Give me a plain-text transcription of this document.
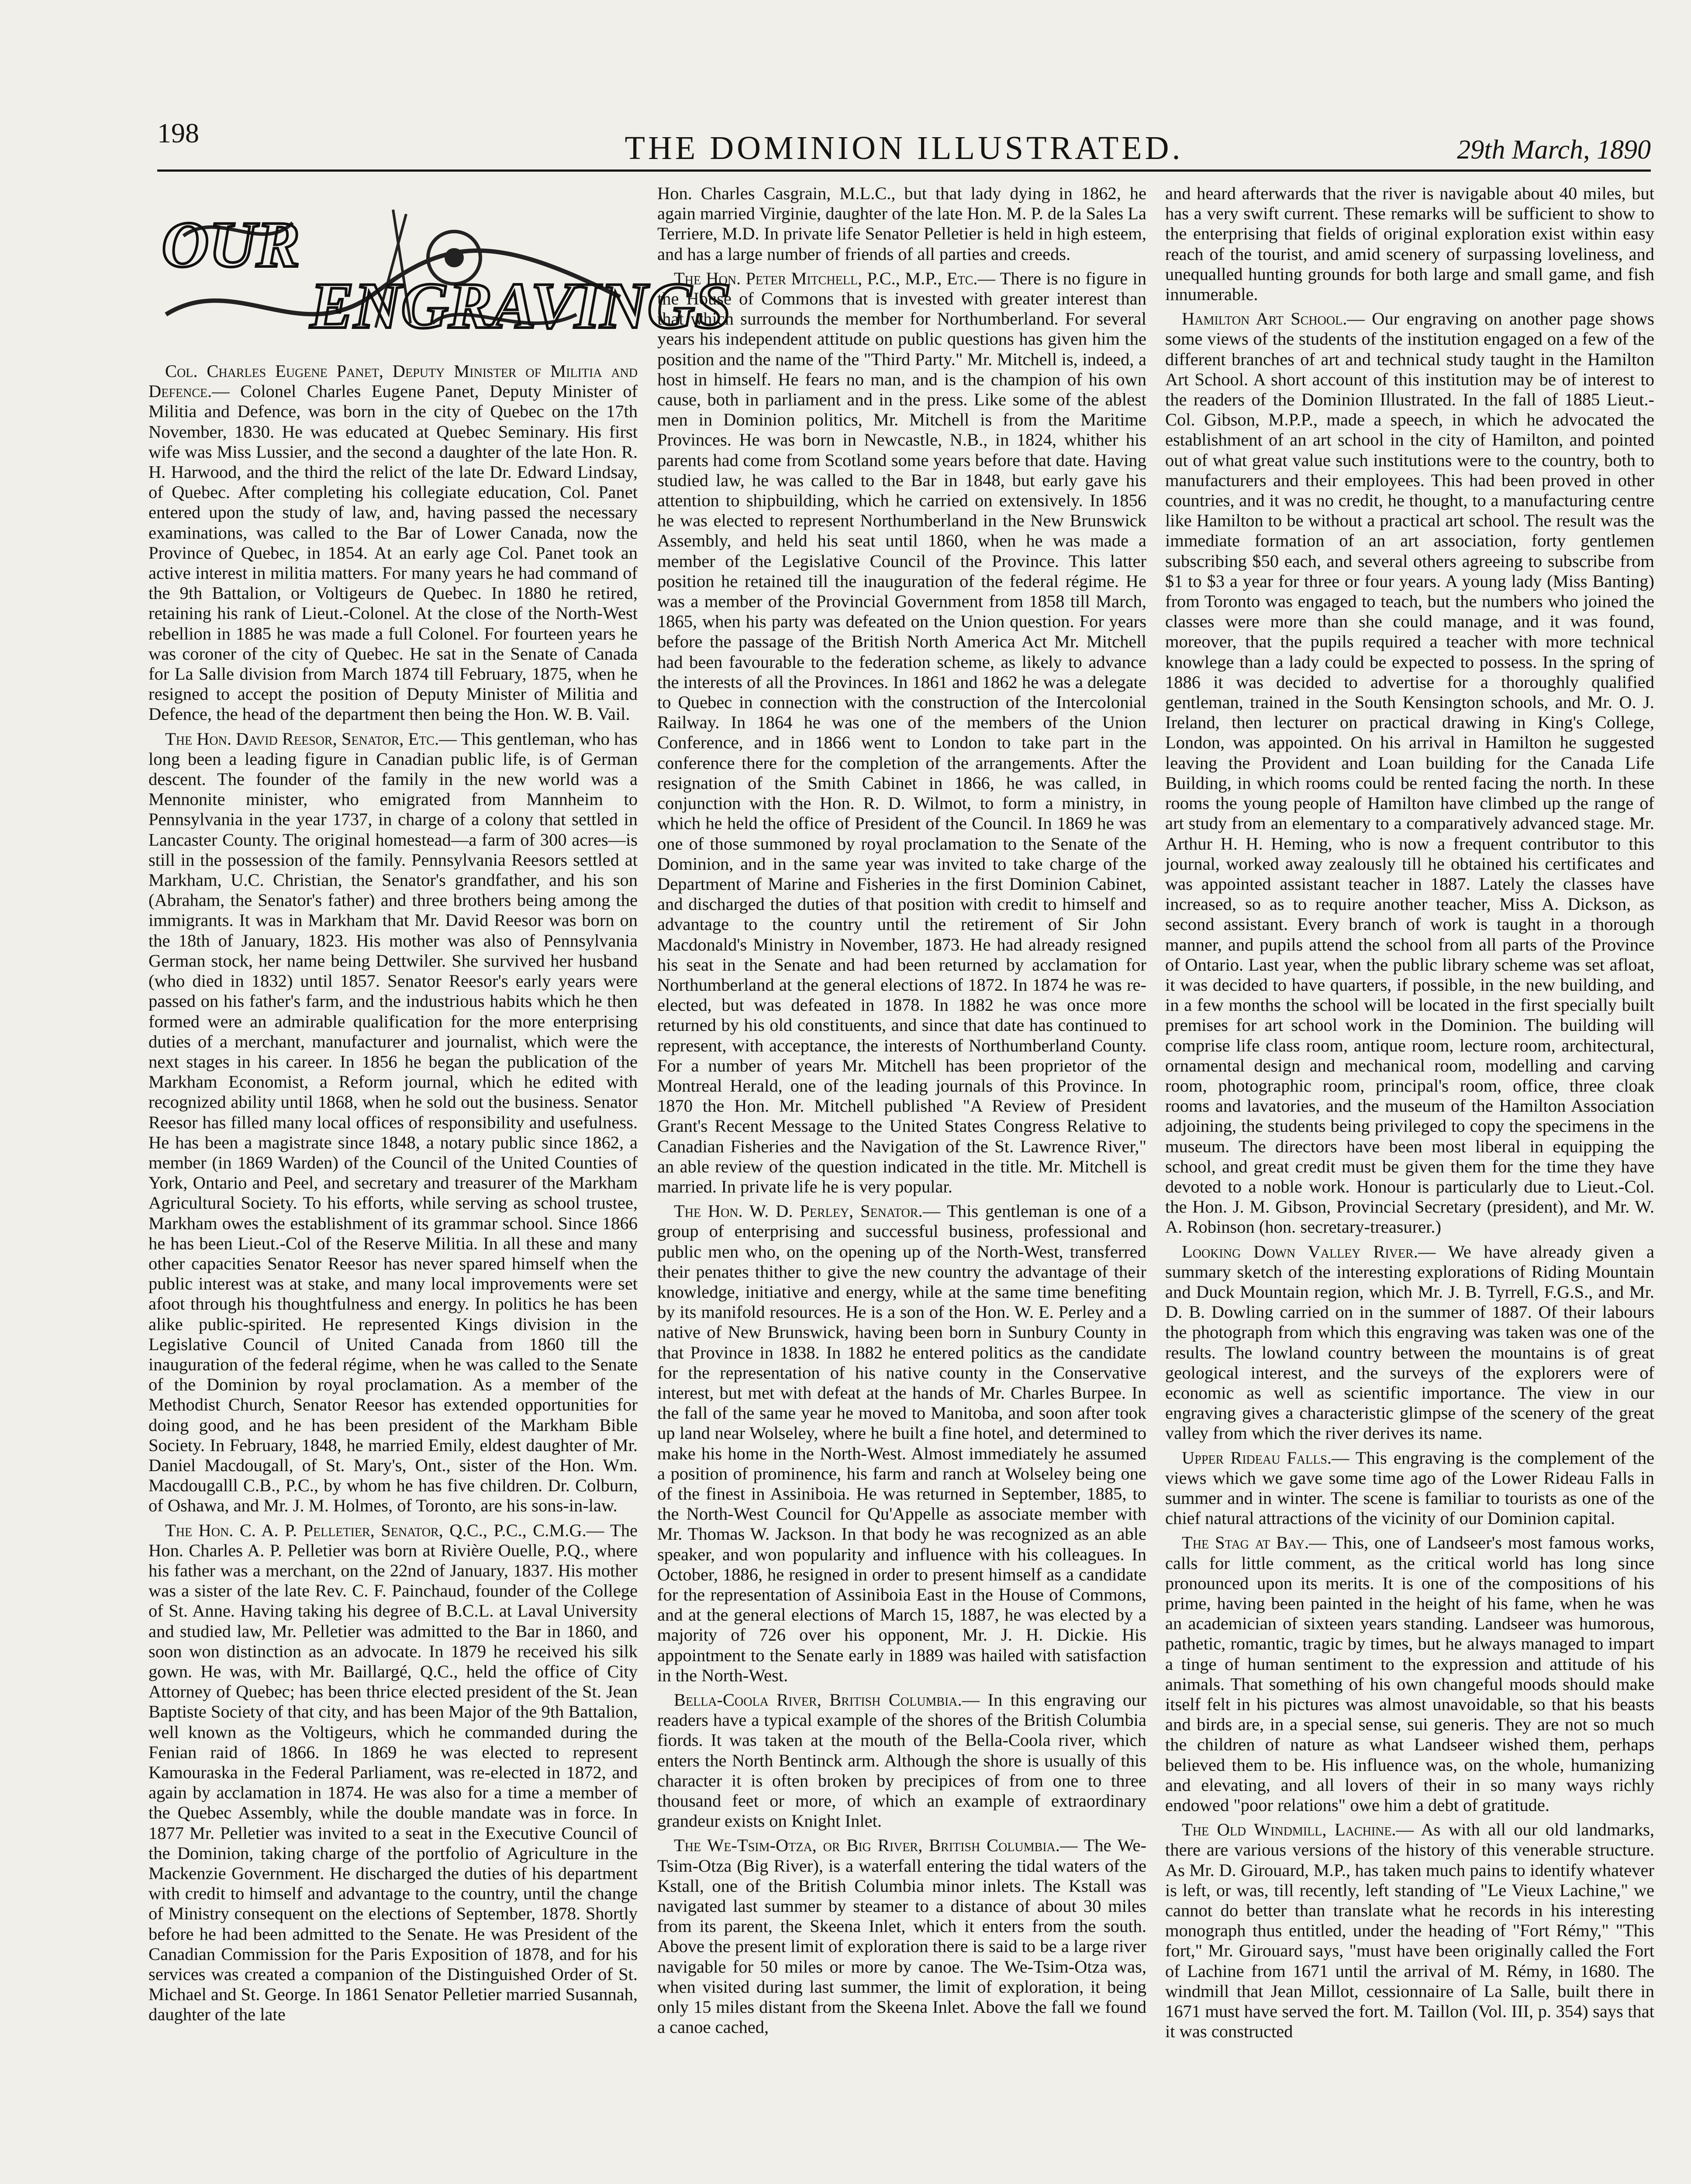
198	THE DOMINION ILLUSTRATED.	29th March, 1890
OUR
ENGRAVINGS

Col. Charles Eugene Panet, Deputy Minister of Militia and Defence.— Colonel Charles Eugene Panet, Deputy Minister of Militia and Defence, was born in the city of Quebec on the 17th November, 1830. He was educated at Quebec Seminary. His first wife was Miss Lussier, and the second a daughter of the late Hon. R. H. Harwood, and the third the relict of the late Dr. Edward Lindsay, of Quebec. After completing his collegiate education, Col. Panet entered upon the study of law, and, having passed the necessary examinations, was called to the Bar of Lower Canada, now the Province of Quebec, in 1854. At an early age Col. Panet took an active interest in militia matters. For many years he had command of the 9th Battalion, or Voltigeurs de Quebec. In 1880 he retired, retaining his rank of Lieut.-Colonel. At the close of the North-West rebellion in 1885 he was made a full Colonel. For fourteen years he was coroner of the city of Quebec. He sat in the Senate of Canada for La Salle division from March 1874 till February, 1875, when he resigned to accept the position of Deputy Minister of Militia and Defence, the head of the department then being the Hon. W. B. Vail.

The Hon. David Reesor, Senator, Etc.— This gentleman, who has long been a leading figure in Canadian public life, is of German descent. The founder of the family in the new world was a Mennonite minister, who emigrated from Mannheim to Pennsylvania in the year 1737, in charge of a colony that settled in Lancaster County. The original homestead—a farm of 300 acres—is still in the possession of the family. Pennsylvania Reesors settled at Markham, U.C. Christian, the Senator's grandfather, and his son (Abraham, the Senator's father) and three brothers being among the immigrants. It was in Markham that Mr. David Reesor was born on the 18th of January, 1823. His mother was also of Pennsylvania German stock, her name being Dettwiler. She survived her husband (who died in 1832) until 1857. Senator Reesor's early years were passed on his father's farm, and the industrious habits which he then formed were an admirable qualification for the more enterprising duties of a merchant, manufacturer and journalist, which were the next stages in his career. In 1856 he began the publication of the Markham Economist, a Reform journal, which he edited with recognized ability until 1868, when he sold out the business. Senator Reesor has filled many local offices of responsibility and usefulness. He has been a magistrate since 1848, a notary public since 1862, a member (in 1869 Warden) of the Council of the United Counties of York, Ontario and Peel, and secretary and treasurer of the Markham Agricultural Society. To his efforts, while serving as school trustee, Markham owes the establishment of its grammar school. Since 1866 he has been Lieut.-Col of the Reserve Militia. In all these and many other capacities Senator Reesor has never spared himself when the public interest was at stake, and many local improvements were set afoot through his thoughtfulness and energy. In politics he has been alike public-spirited. He represented Kings division in the Legislative Council of United Canada from 1860 till the inauguration of the federal régime, when he was called to the Senate of the Dominion by royal proclamation. As a member of the Methodist Church, Senator Reesor has extended opportunities for doing good, and he has been president of the Markham Bible Society. In February, 1848, he married Emily, eldest daughter of Mr. Daniel Macdougall, of St. Mary's, Ont., sister of the Hon. Wm. Macdougalll C.B., P.C., by whom he has five children. Dr. Colburn, of Oshawa, and Mr. J. M. Holmes, of Toronto, are his sons-in-law.

The Hon. C. A. P. Pelletier, Senator, Q.C., P.C., C.M.G.— The Hon. Charles A. P. Pelletier was born at Rivière Ouelle, P.Q., where his father was a merchant, on the 22nd of January, 1837. His mother was a sister of the late Rev. C. F. Painchaud, founder of the College of St. Anne. Having taking his degree of B.C.L. at Laval University and studied law, Mr. Pelletier was admitted to the Bar in 1860, and soon won distinction as an advocate. In 1879 he received his silk gown. He was, with Mr. Baillargé, Q.C., held the office of City Attorney of Quebec; has been thrice elected president of the St. Jean Baptiste Society of that city, and has been Major of the 9th Battalion, well known as the Voltigeurs, which he commanded during the Fenian raid of 1866. In 1869 he was elected to represent Kamouraska in the Federal Parliament, was re-elected in 1872, and again by acclamation in 1874. He was also for a time a member of the Quebec Assembly, while the double mandate was in force. In 1877 Mr. Pelletier was invited to a seat in the Executive Council of the Dominion, taking charge of the portfolio of Agriculture in the Mackenzie Government. He discharged the duties of his department with credit to himself and advantage to the country, until the change of Ministry consequent on the elections of September, 1878. Shortly before he had been admitted to the Senate. He was President of the Canadian Commission for the Paris Exposition of 1878, and for his services was created a companion of the Distinguished Order of St. Michael and St. George. In 1861 Senator Pelletier married Susannah, daughter of the late

Hon. Charles Casgrain, M.L.C., but that lady dying in 1862, he again married Virginie, daughter of the late Hon. M. P. de la Sales La Terriere, M.D. In private life Senator Pelletier is held in high esteem, and has a large number of friends of all parties and creeds.

The Hon. Peter Mitchell, P.C., M.P., Etc.— There is no figure in the House of Commons that is invested with greater interest than that which surrounds the member for Northumberland. For several years his independent attitude on public questions has given him the position and the name of the "Third Party." Mr. Mitchell is, indeed, a host in himself. He fears no man, and is the champion of his own cause, both in parliament and in the press. Like some of the ablest men in Dominion politics, Mr. Mitchell is from the Maritime Provinces. He was born in Newcastle, N.B., in 1824, whither his parents had come from Scotland some years before that date. Having studied law, he was called to the Bar in 1848, but early gave his attention to shipbuilding, which he carried on extensively. In 1856 he was elected to represent Northumberland in the New Brunswick Assembly, and held his seat until 1860, when he was made a member of the Legislative Council of the Province. This latter position he retained till the inauguration of the federal régime. He was a member of the Provincial Government from 1858 till March, 1865, when his party was defeated on the Union question. For years before the passage of the British North America Act Mr. Mitchell had been favourable to the federation scheme, as likely to advance the interests of all the Provinces. In 1861 and 1862 he was a delegate to Quebec in connection with the construction of the Intercolonial Railway. In 1864 he was one of the members of the Union Conference, and in 1866 went to London to take part in the conference there for the completion of the arrangements. After the resignation of the Smith Cabinet in 1866, he was called, in conjunction with the Hon. R. D. Wilmot, to form a ministry, in which he held the office of President of the Council. In 1869 he was one of those summoned by royal proclamation to the Senate of the Dominion, and in the same year was invited to take charge of the Department of Marine and Fisheries in the first Dominion Cabinet, and discharged the duties of that position with credit to himself and advantage to the country until the retirement of Sir John Macdonald's Ministry in November, 1873. He had already resigned his seat in the Senate and had been returned by acclamation for Northumberland at the general elections of 1872. In 1874 he was re-elected, but was defeated in 1878. In 1882 he was once more returned by his old constituents, and since that date has continued to represent, with acceptance, the interests of Northumberland County. For a number of years Mr. Mitchell has been proprietor of the Montreal Herald, one of the leading journals of this Province. In 1870 the Hon. Mr. Mitchell published "A Review of President Grant's Recent Message to the United States Congress Relative to Canadian Fisheries and the Navigation of the St. Lawrence River," an able review of the question indicated in the title. Mr. Mitchell is married. In private life he is very popular.

The Hon. W. D. Perley, Senator.— This gentleman is one of a group of enterprising and successful business, professional and public men who, on the opening up of the North-West, transferred their penates thither to give the new country the advantage of their knowledge, initiative and energy, while at the same time benefiting by its manifold resources. He is a son of the Hon. W. E. Perley and a native of New Brunswick, having been born in Sunbury County in that Province in 1838. In 1882 he entered politics as the candidate for the representation of his native county in the Conservative interest, but met with defeat at the hands of Mr. Charles Burpee. In the fall of the same year he moved to Manitoba, and soon after took up land near Wolseley, where he built a fine hotel, and determined to make his home in the North-West. Almost immediately he assumed a position of prominence, his farm and ranch at Wolseley being one of the finest in Assiniboia. He was returned in September, 1885, to the North-West Council for Qu'Appelle as associate member with Mr. Thomas W. Jackson. In that body he was recognized as an able speaker, and won popularity and influence with his colleagues. In October, 1886, he resigned in order to present himself as a candidate for the representation of Assiniboia East in the House of Commons, and at the general elections of March 15, 1887, he was elected by a majority of 726 over his opponent, Mr. J. H. Dickie. His appointment to the Senate early in 1889 was hailed with satisfaction in the North-West.

Bella-Coola River, British Columbia.— In this engraving our readers have a typical example of the shores of the British Columbia fiords. It was taken at the mouth of the Bella-Coola river, which enters the North Bentinck arm. Although the shore is usually of this character it is often broken by precipices of from one to three thousand feet or more, of which an example of extraordinary grandeur exists on Knight Inlet.

The We-Tsim-Otza, or Big River, British Columbia.— The We-Tsim-Otza (Big River), is a waterfall entering the tidal waters of the Kstall, one of the British Columbia minor inlets. The Kstall was navigated last summer by steamer to a distance of about 30 miles from its parent, the Skeena Inlet, which it enters from the south. Above the present limit of exploration there is said to be a large river navigable for 50 miles or more by canoe. The We-Tsim-Otza was, when visited during last summer, the limit of exploration, it being only 15 miles distant from the Skeena Inlet. Above the fall we found a canoe cached,

and heard afterwards that the river is navigable about 40 miles, but has a very swift current. These remarks will be sufficient to show to the enterprising that fields of original exploration exist within easy reach of the tourist, and amid scenery of surpassing loveliness, and unequalled hunting grounds for both large and small game, and fish innumerable.

Hamilton Art School.— Our engraving on another page shows some views of the students of the institution engaged on a few of the different branches of art and technical study taught in the Hamilton Art School. A short account of this institution may be of interest to the readers of the Dominion Illustrated. In the fall of 1885 Lieut.-Col. Gibson, M.P.P., made a speech, in which he advocated the establishment of an art school in the city of Hamilton, and pointed out of what great value such institutions were to the country, both to manufacturers and their employees. This had been proved in other countries, and it was no credit, he thought, to a manufacturing centre like Hamilton to be without a practical art school. The result was the immediate formation of an art association, forty gentlemen subscribing $50 each, and several others agreeing to subscribe from $1 to $3 a year for three or four years. A young lady (Miss Banting) from Toronto was engaged to teach, but the numbers who joined the classes were more than she could manage, and it was found, moreover, that the pupils required a teacher with more technical knowlege than a lady could be expected to possess. In the spring of 1886 it was decided to advertise for a thoroughly qualified gentleman, trained in the South Kensington schools, and Mr. O. J. Ireland, then lecturer on practical drawing in King's College, London, was appointed. On his arrival in Hamilton he suggested leaving the Provident and Loan building for the Canada Life Building, in which rooms could be rented facing the north. In these rooms the young people of Hamilton have climbed up the range of art study from an elementary to a comparatively advanced stage. Mr. Arthur H. H. Heming, who is now a frequent contributor to this journal, worked away zealously till he obtained his certificates and was appointed assistant teacher in 1887. Lately the classes have increased, so as to require another teacher, Miss A. Dickson, as second assistant. Every branch of work is taught in a thorough manner, and pupils attend the school from all parts of the Province of Ontario. Last year, when the public library scheme was set afloat, it was decided to have quarters, if possible, in the new building, and in a few months the school will be located in the first specially built premises for art school work in the Dominion. The building will comprise life class room, antique room, lecture room, architectural, ornamental design and mechanical room, modelling and carving room, photographic room, principal's room, office, three cloak rooms and lavatories, and the museum of the Hamilton Association adjoining, the students being privileged to copy the specimens in the museum. The directors have been most liberal in equipping the school, and great credit must be given them for the time they have devoted to a noble work. Honour is particularly due to Lieut.-Col. the Hon. J. M. Gibson, Provincial Secretary (president), and Mr. W. A. Robinson (hon. secretary-treasurer.)

Looking Down Valley River.— We have already given a summary sketch of the interesting explorations of Riding Mountain and Duck Mountain region, which Mr. J. B. Tyrrell, F.G.S., and Mr. D. B. Dowling carried on in the summer of 1887. Of their labours the photograph from which this engraving was taken was one of the results. The lowland country between the mountains is of great geological interest, and the surveys of the explorers were of economic as well as scientific importance. The view in our engraving gives a characteristic glimpse of the scenery of the great valley from which the river derives its name.

Upper Rideau Falls.— This engraving is the complement of the views which we gave some time ago of the Lower Rideau Falls in summer and in winter. The scene is familiar to tourists as one of the chief natural attractions of the vicinity of our Dominion capital.

The Stag at Bay.— This, one of Landseer's most famous works, calls for little comment, as the critical world has long since pronounced upon its merits. It is one of the compositions of his prime, having been painted in the height of his fame, when he was an academician of sixteen years standing. Landseer was humorous, pathetic, romantic, tragic by times, but he always managed to impart a tinge of human sentiment to the expression and attitude of his animals. That something of his own changeful moods should make itself felt in his pictures was almost unavoidable, so that his beasts and birds are, in a special sense, sui generis. They are not so much the children of nature as what Landseer wished them, perhaps believed them to be. His influence was, on the whole, humanizing and elevating, and all lovers of their in so many ways richly endowed "poor relations" owe him a debt of gratitude.

The Old Windmill, Lachine.— As with all our old landmarks, there are various versions of the history of this venerable structure. As Mr. D. Girouard, M.P., has taken much pains to identify whatever is left, or was, till recently, left standing of "Le Vieux Lachine," we cannot do better than translate what he records in his interesting monograph thus entitled, under the heading of "Fort Rémy," "This fort," Mr. Girouard says, "must have been originally called the Fort of Lachine from 1671 until the arrival of M. Rémy, in 1680. The windmill that Jean Millot, cessionnaire of La Salle, built there in 1671 must have served the fort. M. Taillon (Vol. III, p. 354) says that it was constructed
